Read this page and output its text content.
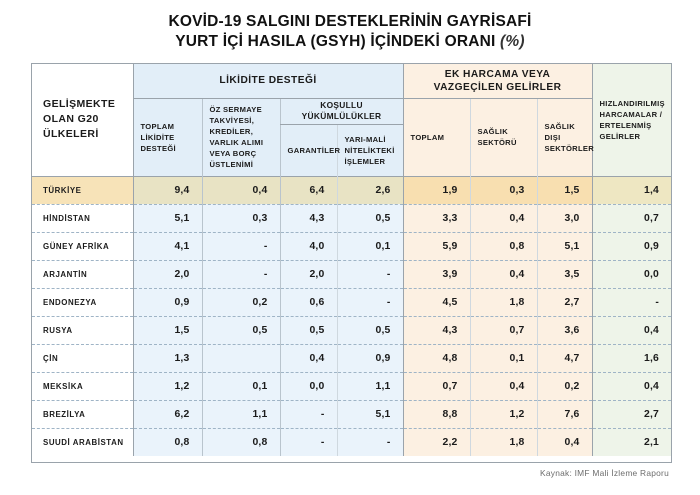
KOVİD-19 SALGINI DESTEKLERİNİN GAYRİSAFİ
YURT İÇİ HASILA (GSYH) İÇİNDEKİ ORANI (%)
GELİŞMEKTE OLAN G20 ÜLKELERİ	LİKİDİTE DESTEĞİ				EK HARCAMA VEYA VAZGEÇİLEN GELİRLER			HIZLANDIRILMIŞ HARCAMALAR / ERTELENMİŞ GELİRLER
	TOPLAM LİKİDİTE DESTEĞİ	ÖZ SERMAYE TAKVİYESİ, KREDİLER, VARLIK ALIMI VEYA BORÇ ÜSTLENİMİ	KOŞULLU YÜKÜMLÜLÜKLER		TOPLAM	SAĞLIK SEKTÖRÜ	SAĞLIK DIŞI SEKTÖRLER	
			GARANTİLER	YARI-MALİ NİTELİKTEKİ İŞLEMLER				
TÜRKİYE	9,4	0,4	6,4	2,6	1,9	0,3	1,5	1,4
HİNDİSTAN	5,1	0,3	4,3	0,5	3,3	0,4	3,0	0,7
GÜNEY AFRİKA	4,1	-	4,0	0,1	5,9	0,8	5,1	0,9
ARJANTİN	2,0	-	2,0	-	3,9	0,4	3,5	0,0
ENDONEZYA	0,9	0,2	0,6	-	4,5	1,8	2,7	-
RUSYA	1,5	0,5	0,5	0,5	4,3	0,7	3,6	0,4
ÇİN	1,3		0,4	0,9	4,8	0,1	4,7	1,6
MEKSİKA	1,2	0,1	0,0	1,1	0,7	0,4	0,2	0,4
BREZİLYA	6,2	1,1	-	5,1	8,8	1,2	7,6	2,7
SUUDİ ARABİSTAN	0,8	0,8	-	-	2,2	1,8	0,4	2,1
Kaynak: IMF Mali İzleme Raporu
